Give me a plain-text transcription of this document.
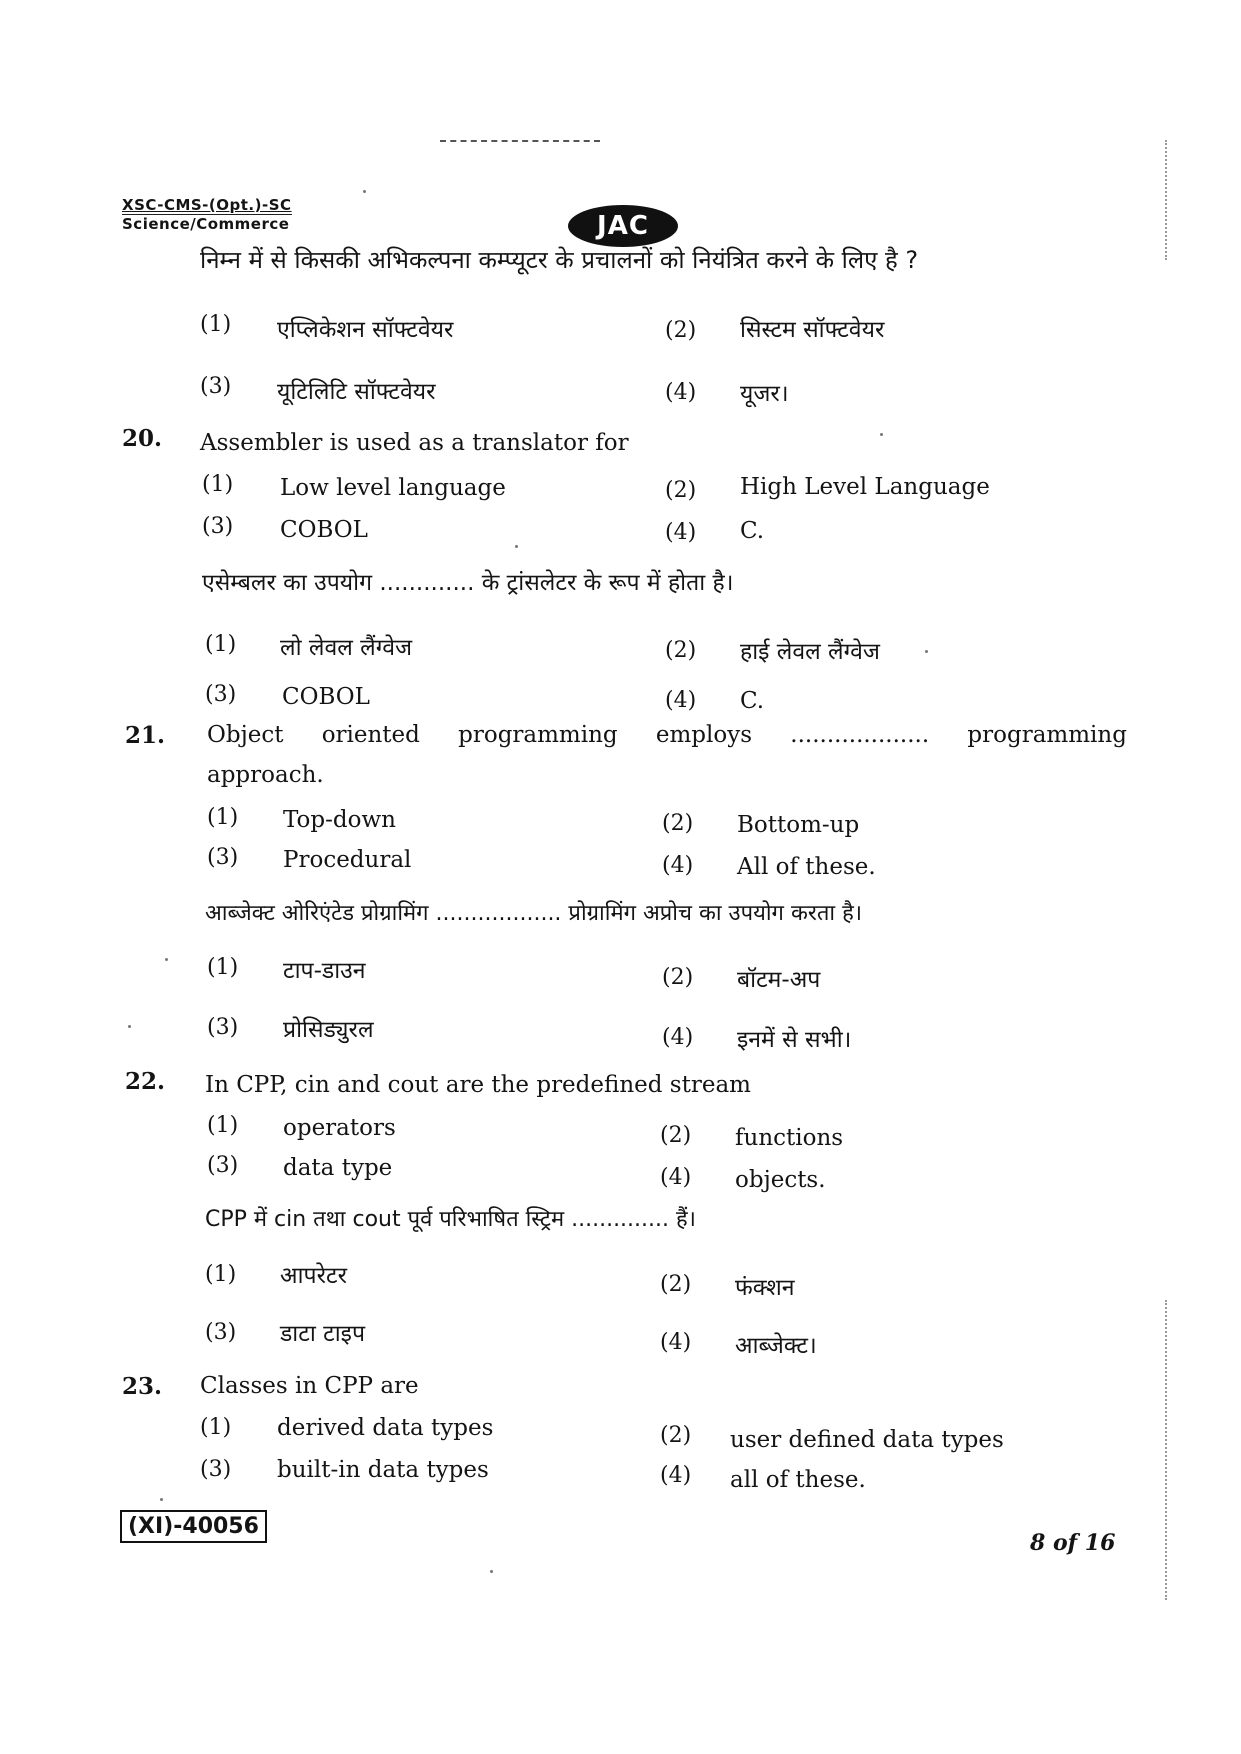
XSC-CMS-(Opt.)-SC
Science/Commerce	JAC
निम्न में से किसकी अभिकल्पना कम्प्यूटर के प्रचालनों को नियंत्रित करने के लिए है ?
(1) एप्लिकेशन सॉफ्टवेयर	(2) सिस्टम सॉफ्टवेयर
(3) यूटिलिटि सॉफ्टवेयर	(4) यूजर।
20. Assembler is used as a translator for
(1) Low level language	(2) High Level Language
(3) COBOL	(4) C.
एसेम्बलर का उपयोग ............. के ट्रांसलेटर के रूप में होता है।
(1) लो लेवल लैंग्वेज	(2) हाई लेवल लैंग्वेज
(3) COBOL	(4) C.
21. Object oriented programming employs ................... programming
approach.
(1) Top-down	(2) Bottom-up
(3) Procedural	(4) All of these.
आब्जेक्ट ओरिएंटेड प्रोग्रामिंग .................. प्रोग्रामिंग अप्रोच का उपयोग करता है।
(1) टाप-डाउन	(2) बॉटम-अप
(3) प्रोसिड्युरल	(4) इनमें से सभी।
22. In CPP, cin and cout are the predefined stream
(1) operators	(2) functions
(3) data type	(4) objects.
CPP में cin तथा cout पूर्व परिभाषित स्ट्रिम .............. हैं।
(1) आपरेटर	(2) फंक्शन
(3) डाटा टाइप	(4) आब्जेक्ट।
23. Classes in CPP are
(1) derived data types	(2) user defined data types
(3) built-in data types	(4) all of these.
(XI)-40056
8 of 16
